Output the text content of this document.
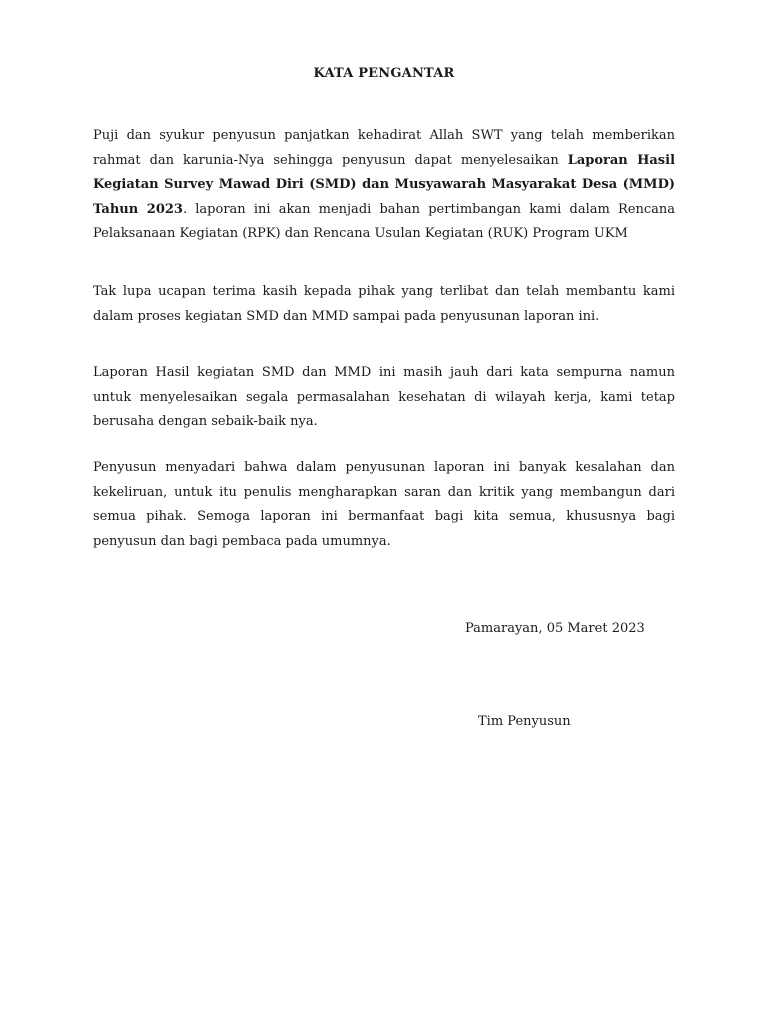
KATA PENGANTAR

Puji dan syukur penyusun panjatkan kehadirat Allah SWT yang telah memberikan rahmat dan karunia-Nya sehingga penyusun dapat menyelesaikan Laporan Hasil Kegiatan Survey Mawad Diri (SMD) dan Musyawarah Masyarakat Desa (MMD) Tahun 2023. laporan ini akan menjadi bahan pertimbangan kami dalam Rencana Pelaksanaan Kegiatan (RPK) dan Rencana Usulan Kegiatan (RUK) Program UKM

Tak lupa ucapan terima kasih kepada pihak yang terlibat dan telah membantu kami dalam proses kegiatan SMD dan MMD sampai pada penyusunan laporan ini.

Laporan Hasil kegiatan SMD dan MMD ini masih jauh dari kata sempurna namun untuk menyelesaikan segala permasalahan kesehatan di wilayah kerja, kami tetap berusaha dengan sebaik-baik nya.

Penyusun menyadari bahwa dalam penyusunan laporan ini banyak kesalahan dan kekeliruan, untuk itu penulis mengharapkan saran dan kritik yang membangun dari semua pihak. Semoga laporan ini bermanfaat bagi kita semua, khususnya bagi penyusun dan bagi pembaca pada umumnya.

Pamarayan, 05 Maret 2023
Tim Penyusun
